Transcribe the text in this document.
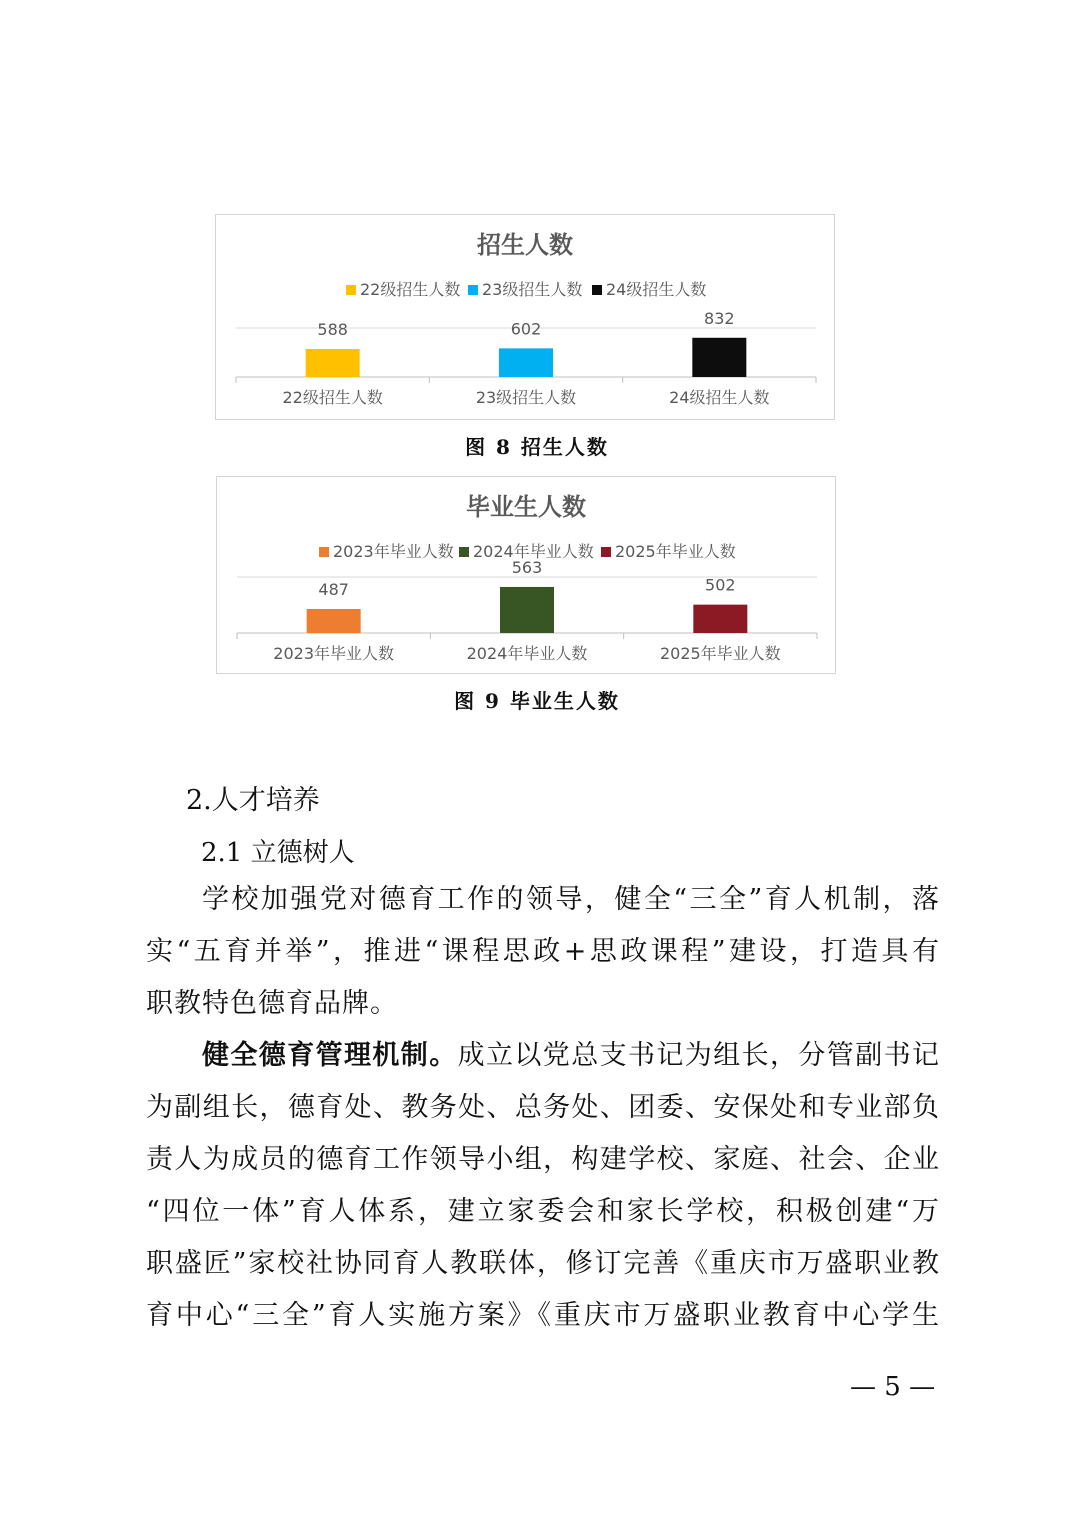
招生人数
22级招生人数 23级招生人数 24级招生人数
588
22级招生人数
602
23级招生人数
832
24级招生人数
图 8 招生人数
毕业生人数
2023年毕业人数 2024年毕业人数 2025年毕业人数
487
2023年毕业人数
563
2024年毕业人数
502
2025年毕业人数
图 9 毕业生人数
2.人才培养
2.1 立德树人
学校加强党对德育工作的领导，健全“三全”育人机制，落
实“五育并举”，推进“课程思政+思政课程”建设，打造具有
职教特色德育品牌。
健全德育管理机制。成立以党总支书记为组长，分管副书记
为副组长，德育处、教务处、总务处、团委、安保处和专业部负
责人为成员的德育工作领导小组，构建学校、家庭、社会、企业
“四位一体”育人体系，建立家委会和家长学校，积极创建“万
职盛匠”家校社协同育人教联体，修订完善《重庆市万盛职业教
育中心“三全”育人实施方案》《重庆市万盛职业教育中心学生
— 5 —
